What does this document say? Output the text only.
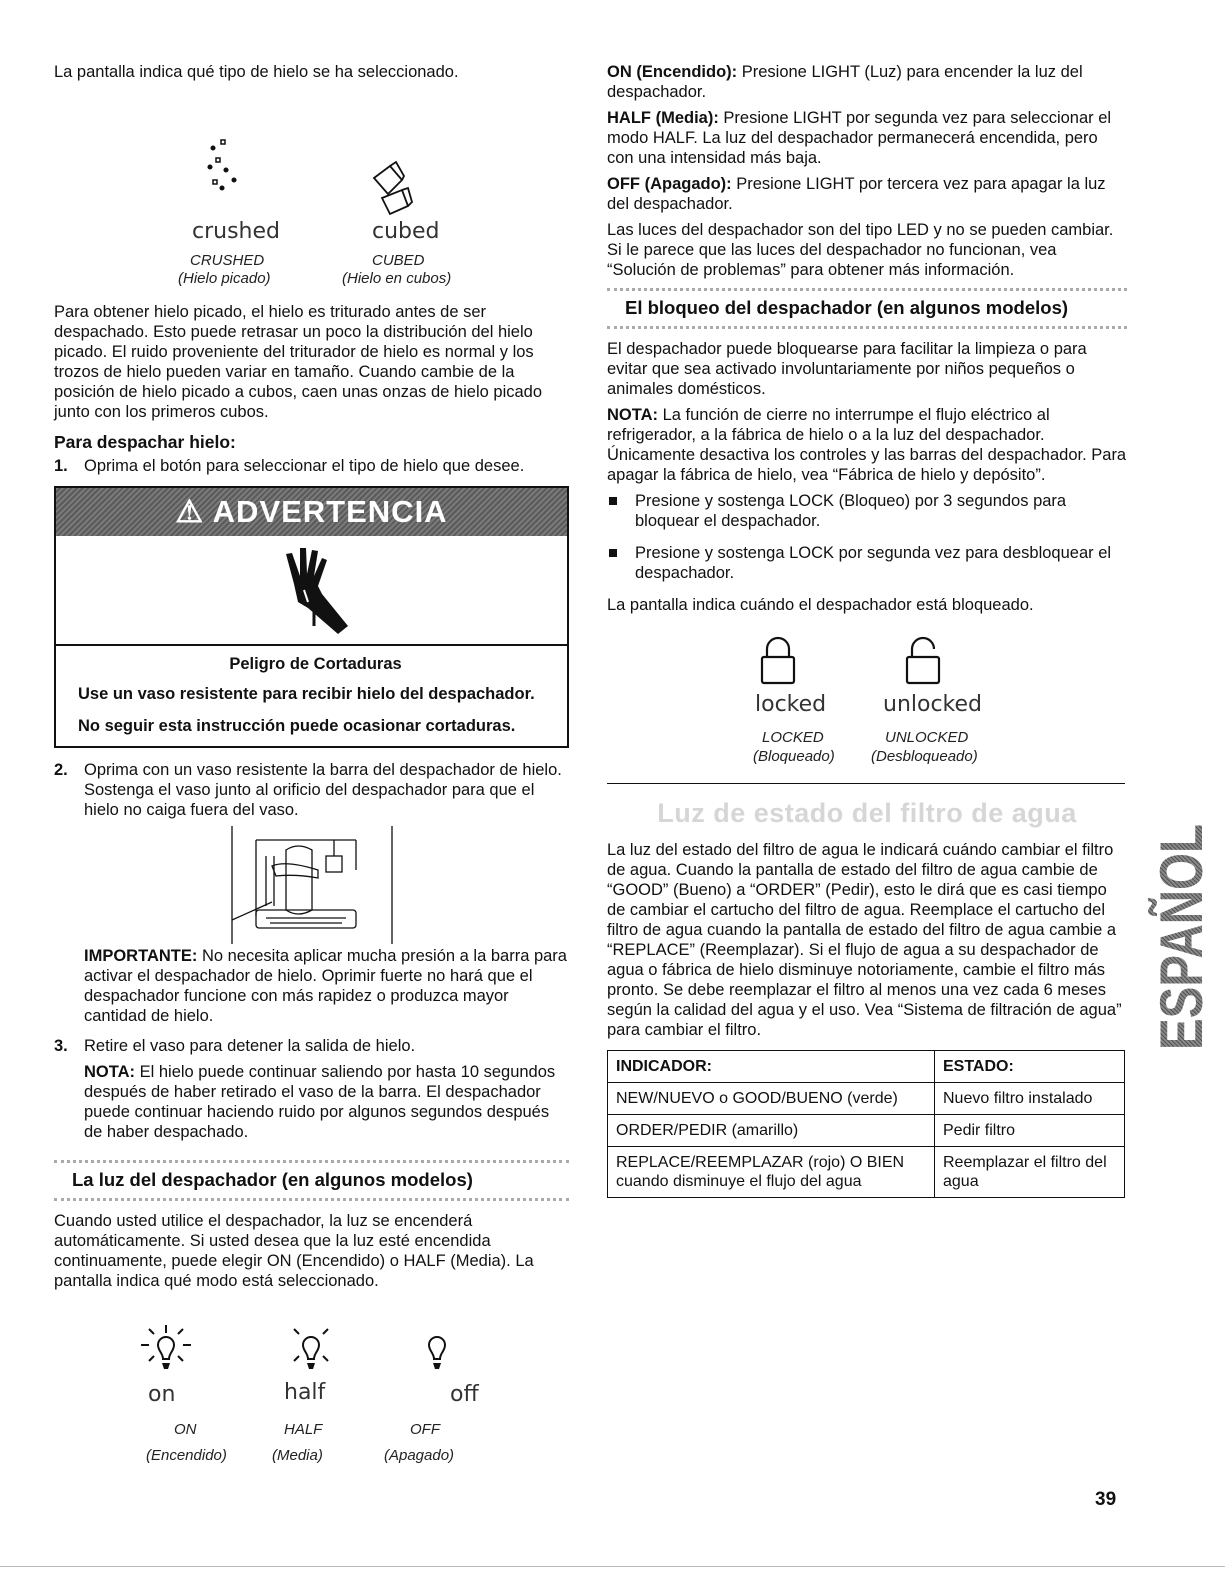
La pantalla indica qué tipo de hielo se ha seleccionado.

crushed	cubed
CRUSHED
(Hielo picado)
CUBED
(Hielo en cubos)

Para obtener hielo picado, el hielo es triturado antes de ser despachado. Esto puede retrasar un poco la distribución del hielo picado. El ruido proveniente del triturador de hielo es normal y los trozos de hielo pueden variar en tamaño. Cuando cambie de la posición de hielo picado a cubos, caen unas onzas de hielo picado junto con los primeros cubos.

Para despachar hielo:
1. Oprima el botón para seleccionar el tipo de hielo que desee.
⚠ ADVERTENCIA
Peligro de Cortaduras

Use un vaso resistente para recibir hielo del despachador.

No seguir esta instrucción puede ocasionar cortaduras.

2. Oprima con un vaso resistente la barra del despachador de hielo. Sostenga el vaso junto al orificio del despachador para que el hielo no caiga fuera del vaso.

IMPORTANTE: No necesita aplicar mucha presión a la barra para activar el despachador de hielo. Oprimir fuerte no hará que el despachador funcione con más rapidez o produzca mayor cantidad de hielo.

3. Retire el vaso para detener la salida de hielo.

NOTA: El hielo puede continuar saliendo por hasta 10 segundos después de haber retirado el vaso de la barra. El despachador puede continuar haciendo ruido por algunos segundos después de haber despachado.

La luz del despachador (en algunos modelos)

Cuando usted utilice el despachador, la luz se encenderá automáticamente. Si usted desea que la luz esté encendida continuamente, puede elegir ON (Encendido) o HALF (Media). La pantalla indica qué modo está seleccionado.

on	half	off
ON	HALF	OFF
(Encendido)	(Media)	(Apagado)

ON (Encendido): Presione LIGHT (Luz) para encender la luz del despachador.

HALF (Media): Presione LIGHT por segunda vez para seleccionar el modo HALF. La luz del despachador permanecerá encendida, pero con una intensidad más baja.

OFF (Apagado): Presione LIGHT por tercera vez para apagar la luz del despachador.

Las luces del despachador son del tipo LED y no se pueden cambiar. Si le parece que las luces del despachador no funcionan, vea “Solución de problemas” para obtener más información.

El bloqueo del despachador (en algunos modelos)

El despachador puede bloquearse para facilitar la limpieza o para evitar que sea activado involuntariamente por niños pequeños o animales domésticos.

NOTA: La función de cierre no interrumpe el flujo eléctrico al refrigerador, a la fábrica de hielo o a la luz del despachador. Únicamente desactiva los controles y las barras del despachador. Para apagar la fábrica de hielo, vea “Fábrica de hielo y depósito”.

Presione y sostenga LOCK (Bloqueo) por 3 segundos para bloquear el despachador.
Presione y sostenga LOCK por segunda vez para desbloquear el despachador.

La pantalla indica cuándo el despachador está bloqueado.

locked	unlocked
LOCKED	UNLOCKED
(Bloqueado) (Desbloqueado)
Luz de estado del filtro de agua

La luz del estado del filtro de agua le indicará cuándo cambiar el filtro de agua. Cuando la pantalla de estado del filtro de agua cambie de “GOOD” (Bueno) a “ORDER” (Pedir), esto le dirá que es casi tiempo de cambiar el cartucho del filtro de agua. Reemplace el cartucho del filtro de agua cuando la pantalla de estado del filtro de agua cambie a “REPLACE” (Reemplazar). Si el flujo de agua a su despachador de agua o fábrica de hielo disminuye notoriamente, cambie el filtro más pronto. Se debe reemplazar el filtro al menos una vez cada 6 meses según la calidad del agua y el uso. Vea “Sistema de filtración de agua” para cambiar el filtro.

INDICADOR:	ESTADO:
NEW/NUEVO o GOOD/BUENO (verde)	Nuevo filtro instalado
ORDER/PEDIR (amarillo)	Pedir filtro
REPLACE/REEMPLAZAR (rojo) O BIEN cuando disminuye el flujo del agua	Reemplazar el filtro del agua
ESPAÑOL
39
